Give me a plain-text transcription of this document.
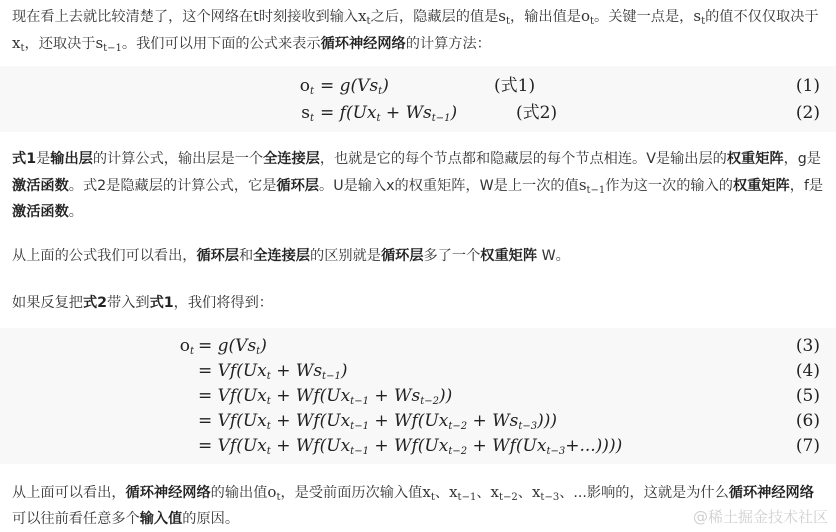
现在看上去就比较清楚了，这个网络在t时刻接收到输入$x_t$之后，隐藏层的值是$s_t$，输出值是$o_t$。关键一点是，$s_t$的值不仅仅取决于$x_t$，还取决于$s_{t-1}$。我们可以用下面的公式来表示循环神经网络的计算方法：

$o_t = g(Vs_t)$	(式1)	(1)
$s_t = f(Ux_t + Ws_{t-1})$	(式2)	(2)

式1是输出层的计算公式，输出层是一个全连接层，也就是它的每个节点都和隐藏层的每个节点相连。V是输出层的权重矩阵，g是激活函数。式2是隐藏层的计算公式，它是循环层。U是输入x的权重矩阵，W是上一次的值$s_{t-1}$作为这一次的输入的权重矩阵，f是激活函数。

从上面的公式我们可以看出，循环层和全连接层的区别就是循环层多了一个权重矩阵 W。

如果反复把式2带入到式1，我们将得到：

$o_t = g(Vs_t)$	(3)
= $Vf(Ux_t + Ws_{t-1})$	(4)
= $Vf(Ux_t + Wf(Ux_{t-1} + Ws_{t-2}))$	(5)
= $Vf(Ux_t + Wf(Ux_{t-1} + Wf(Ux_{t-2} + Ws_{t-3})))$	(6)
= $Vf(Ux_t + Wf(Ux_{t-1} + Wf(Ux_{t-2} + Wf(Ux_{t-3}+...))))$	(7)

从上面可以看出，循环神经网络的输出值$o_t$，是受前面历次输入值$x_t$、$x_{t-1}$、$x_{t-2}$、$x_{t-3}$、...影响的，这就是为什么循环神经网络可以往前看任意多个输入值的原因。	@稀土掘金技术社区
